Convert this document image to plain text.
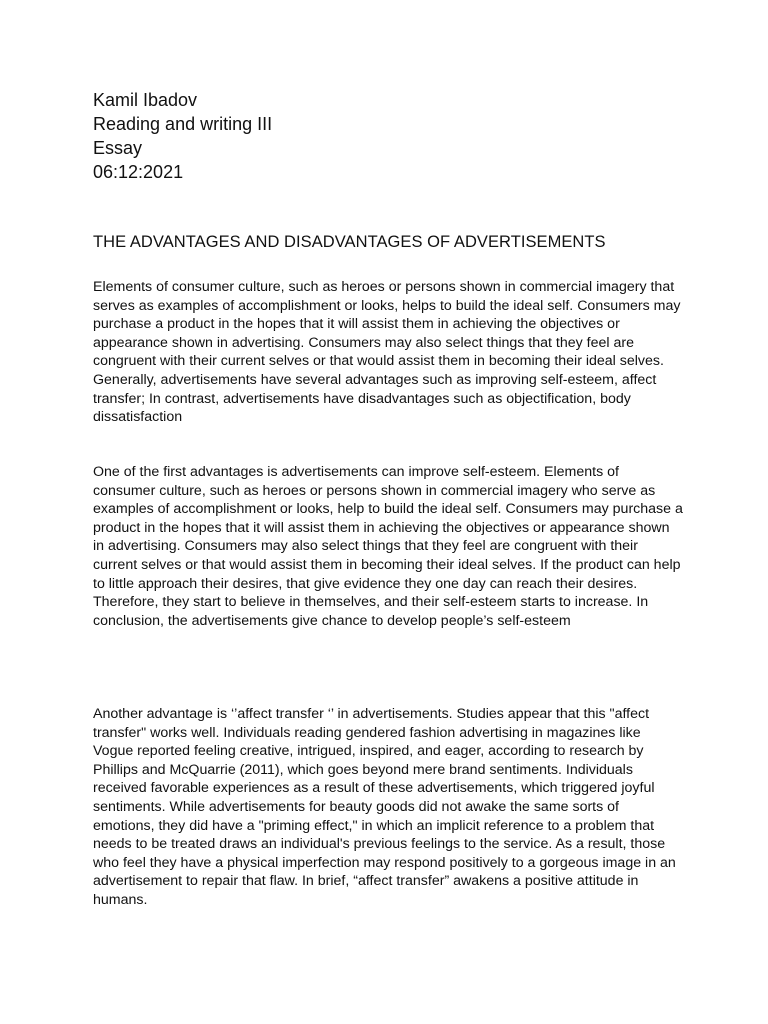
Kamil Ibadov
Reading and writing III
Essay
06:12:2021
THE ADVANTAGES AND DISADVANTAGES OF ADVERTISEMENTS

Elements of consumer culture, such as heroes or persons shown in commercial imagery that serves as examples of accomplishment or looks, helps to build the ideal self. Consumers may purchase a product in the hopes that it will assist them in achieving the objectives or appearance shown in advertising. Consumers may also select things that they feel are congruent with their current selves or that would assist them in becoming their ideal selves. Generally, advertisements have several advantages such as improving self-esteem, affect transfer; In contrast, advertisements have disadvantages such as objectification, body dissatisfaction

One of the first advantages is advertisements can improve self-esteem. Elements of consumer culture, such as heroes or persons shown in commercial imagery who serve as examples of accomplishment or looks, help to build the ideal self. Consumers may purchase a product in the hopes that it will assist them in achieving the objectives or appearance shown in advertising. Consumers may also select things that they feel are congruent with their current selves or that would assist them in becoming their ideal selves. If the product can help to little approach their desires, that give evidence they one day can reach their desires. Therefore, they start to believe in themselves, and their self-esteem starts to increase. In conclusion, the advertisements give chance to develop people’s self-esteem

Another advantage is ‘’affect transfer ‘’ in advertisements. Studies appear that this "affect transfer" works well. Individuals reading gendered fashion advertising in magazines like Vogue reported feeling creative, intrigued, inspired, and eager, according to research by Phillips and McQuarrie (2011), which goes beyond mere brand sentiments. Individuals received favorable experiences as a result of these advertisements, which triggered joyful sentiments. While advertisements for beauty goods did not awake the same sorts of emotions, they did have a "priming effect," in which an implicit reference to a problem that needs to be treated draws an individual's previous feelings to the service. As a result, those who feel they have a physical imperfection may respond positively to a gorgeous image in an advertisement to repair that flaw. In brief, “affect transfer” awakens a positive attitude in humans.
